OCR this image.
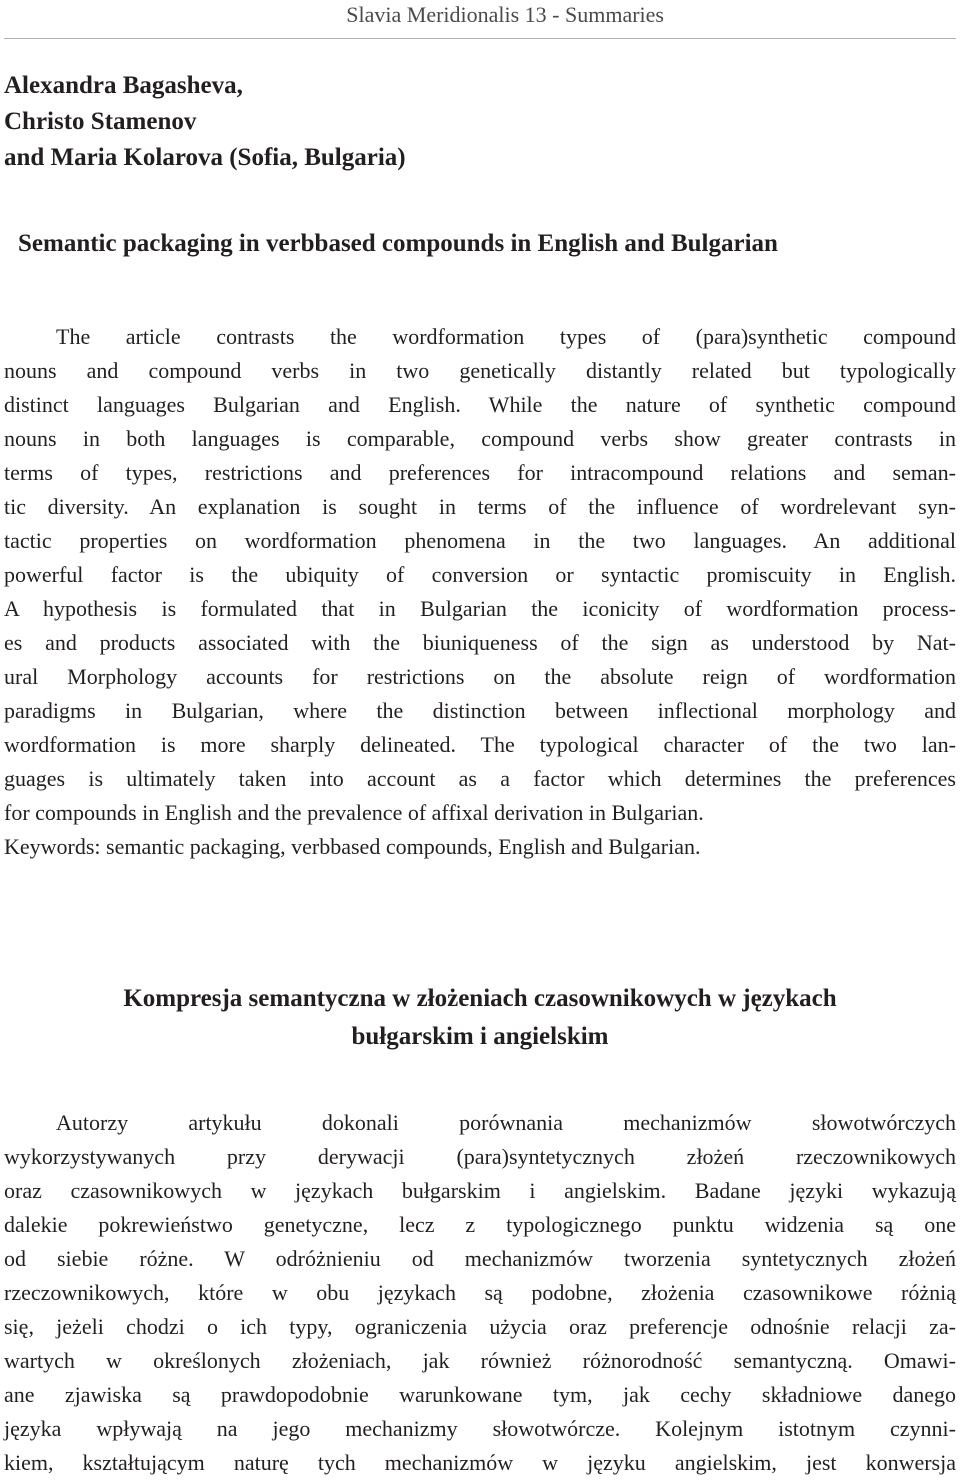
Slavia Meridionalis 13 - Summaries
Alexandra Bagasheva,
Christo Stamenov
and Maria Kolarova (Sofia, Bulgaria)
Semantic packaging in verbbased compounds in English and Bulgarian
The article contrasts the wordformation types of (para)synthetic compound
nouns and compound verbs in two genetically distantly related but typologically
distinct languages Bulgarian and English. While the nature of synthetic compound
nouns in both languages is comparable, compound verbs show greater contrasts in
terms of types, restrictions and preferences for intracompound relations and seman-
tic diversity. An explanation is sought in terms of the influence of wordrelevant syn-
tactic properties on wordformation phenomena in the two languages. An additional
powerful factor is the ubiquity of conversion or syntactic promiscuity in English.
A hypothesis is formulated that in Bulgarian the iconicity of wordformation process-
es and products associated with the biuniqueness of the sign as understood by Nat-
ural Morphology accounts for restrictions on the absolute reign of wordformation
paradigms in Bulgarian, where the distinction between inflectional morphology and
wordformation is more sharply delineated. The typological character of the two lan-
guages is ultimately taken into account as a factor which determines the preferences
for compounds in English and the prevalence of affixal derivation in Bulgarian.
Keywords: semantic packaging, verbbased compounds, English and Bulgarian.
Kompresja semantyczna w złożeniach czasownikowych w językach
bułgarskim i angielskim
Autorzy artykułu dokonali porównania mechanizmów słowotwórczych
wykorzystywanych przy derywacji (para)syntetycznych złożeń rzeczownikowych
oraz czasownikowych w językach bułgarskim i angielskim. Badane języki wykazują
dalekie pokrewieństwo genetyczne, lecz z typologicznego punktu widzenia są one
od siebie różne. W odróżnieniu od mechanizmów tworzenia syntetycznych złożeń
rzeczownikowych, które w obu językach są podobne, złożenia czasownikowe różnią
się, jeżeli chodzi o ich typy, ograniczenia użycia oraz preferencje odnośnie relacji za-
wartych w określonych złożeniach, jak również różnorodność semantyczną. Omawi-
ane zjawiska są prawdopodobnie warunkowane tym, jak cechy składniowe danego
języka wpływają na jego mechanizmy słowotwórcze. Kolejnym istotnym czynni-
kiem, kształtującym naturę tych mechanizmów w języku angielskim, jest konwersja
